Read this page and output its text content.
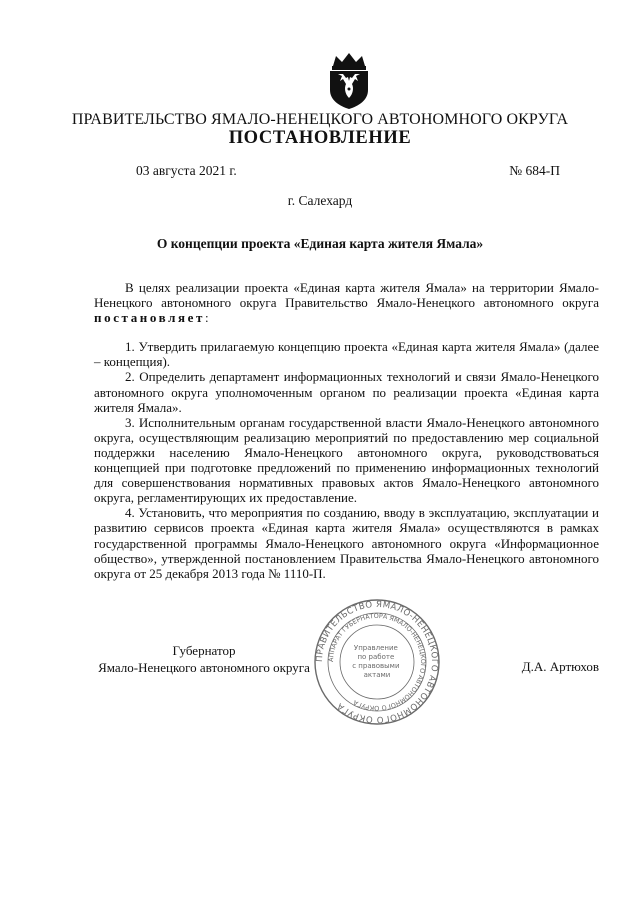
ПРАВИТЕЛЬСТВО ЯМАЛО-НЕНЕЦКОГО АВТОНОМНОГО ОКРУГА
ПОСТАНОВЛЕНИЕ
03 августа 2021 г.	№ 684-П
г. Салехард
О концепции проекта «Единая карта жителя Ямала»

В целях реализации проекта «Единая карта жителя Ямала» на территории Ямало-Ненецкого автономного округа Правительство Ямало-Ненецкого автономного округа постановляет:

1. Утвердить прилагаемую концепцию проекта «Единая карта жителя Ямала» (далее – концепция).

2. Определить департамент информационных технологий и связи Ямало-Ненецкого автономного округа уполномоченным органом по реализации проекта «Единая карта жителя Ямала».

3. Исполнительным органам государственной власти Ямало-Ненецкого автономного округа, осуществляющим реализацию мероприятий по предоставлению мер социальной поддержки населению Ямало-Ненецкого автономного округа, руководствоваться концепцией при подготовке предложений по применению информационных технологий для совершенствования нормативных правовых актов Ямало-Ненецкого автономного округа, регламентирующих их предоставление.

4. Установить, что мероприятия по созданию, вводу в эксплуатацию, эксплуатации и развитию сервисов проекта «Единая карта жителя Ямала» осуществляются в рамках государственной программы Ямало-Ненецкого автономного округа «Информационное общество», утвержденной постановлением Правительства Ямало-Ненецкого автономного округа от 25 декабря 2013 года № 1110-П.

Губернатор
Ямало-Ненецкого автономного округа	Д.А. Артюхов
ПРАВИТЕЛЬСТВО ЯМАЛО-НЕНЕЦКОГО АВТОНОМНОГО ОКРУГА
АППАРАТ ГУБЕРНАТОРА ЯМАЛО-НЕНЕЦКОГО АВТОНОМНОГО ОКРУГА
Управление по работе с правовыми актами
